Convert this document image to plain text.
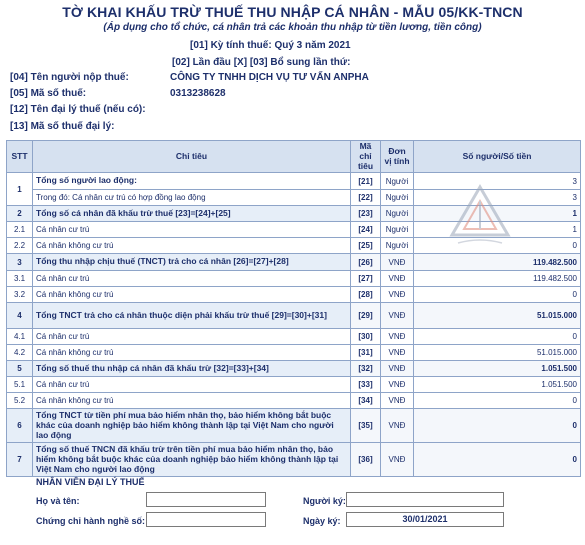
TỜ KHAI KHẤU TRỪ THUẾ THU NHẬP CÁ NHÂN - MẪU 05/KK-TNCN
(Áp dụng cho tổ chức, cá nhân trả các khoản thu nhập từ tiền lương, tiền công)
[01] Kỳ tính thuế: Quý 3 năm 2021
[02] Lần đầu [X] [03] Bổ sung lần thứ:
[04] Tên người nộp thuế:	CÔNG TY TNHH DỊCH VỤ TƯ VẤN ANPHA
[05] Mã số thuế:	0313238628
[12] Tên đại lý thuế (nếu có):
[13] Mã số thuế đại lý:
STT	Chỉ tiêu	Mã chỉ tiêu	Đơn vị tính	Số người/Số tiền
1	Tổng số người lao động:	[21]	Người	3
	Trong đó: Cá nhân cư trú có hợp đồng lao động	[22]	Người	3
2	Tổng số cá nhân đã khấu trừ thuế [23]=[24]+[25]	[23]	Người	1
2.1	Cá nhân cư trú	[24]	Người	1
2.2	Cá nhân không cư trú	[25]	Người	0
3	Tổng thu nhập chịu thuế (TNCT) trả cho cá nhân [26]=[27]+[28]	[26]	VNĐ	119.482.500
3.1	Cá nhân cư trú	[27]	VNĐ	119.482.500
3.2	Cá nhân không cư trú	[28]	VNĐ	0
4	Tổng TNCT trả cho cá nhân thuộc diện phải khấu trừ thuế [29]=[30]+[31]	[29]	VNĐ	51.015.000
4.1	Cá nhân cư trú	[30]	VNĐ	0
4.2	Cá nhân không cư trú	[31]	VNĐ	51.015.000
5	Tổng số thuế thu nhập cá nhân đã khấu trừ [32]=[33]+[34]	[32]	VNĐ	1.051.500
5.1	Cá nhân cư trú	[33]	VNĐ	1.051.500
5.2	Cá nhân không cư trú	[34]	VNĐ	0
6	Tổng TNCT từ tiền phí mua bảo hiểm nhân thọ, bảo hiểm không bắt buộc khác của doanh nghiệp bảo hiểm không thành lập tại Việt Nam cho người lao động	[35]	VNĐ	0
7	Tổng số thuế TNCN đã khấu trừ trên tiền phí mua bảo hiểm nhân thọ, bảo hiểm không bắt buộc khác của doanh nghiệp bảo hiểm không thành lập tại Việt Nam cho người lao động	[36]	VNĐ	0
NHÂN VIÊN ĐẠI LÝ THUẾ
Họ và tên:	Người ký:
Chứng chỉ hành nghề số:	Ngày ký:	30/01/2021
